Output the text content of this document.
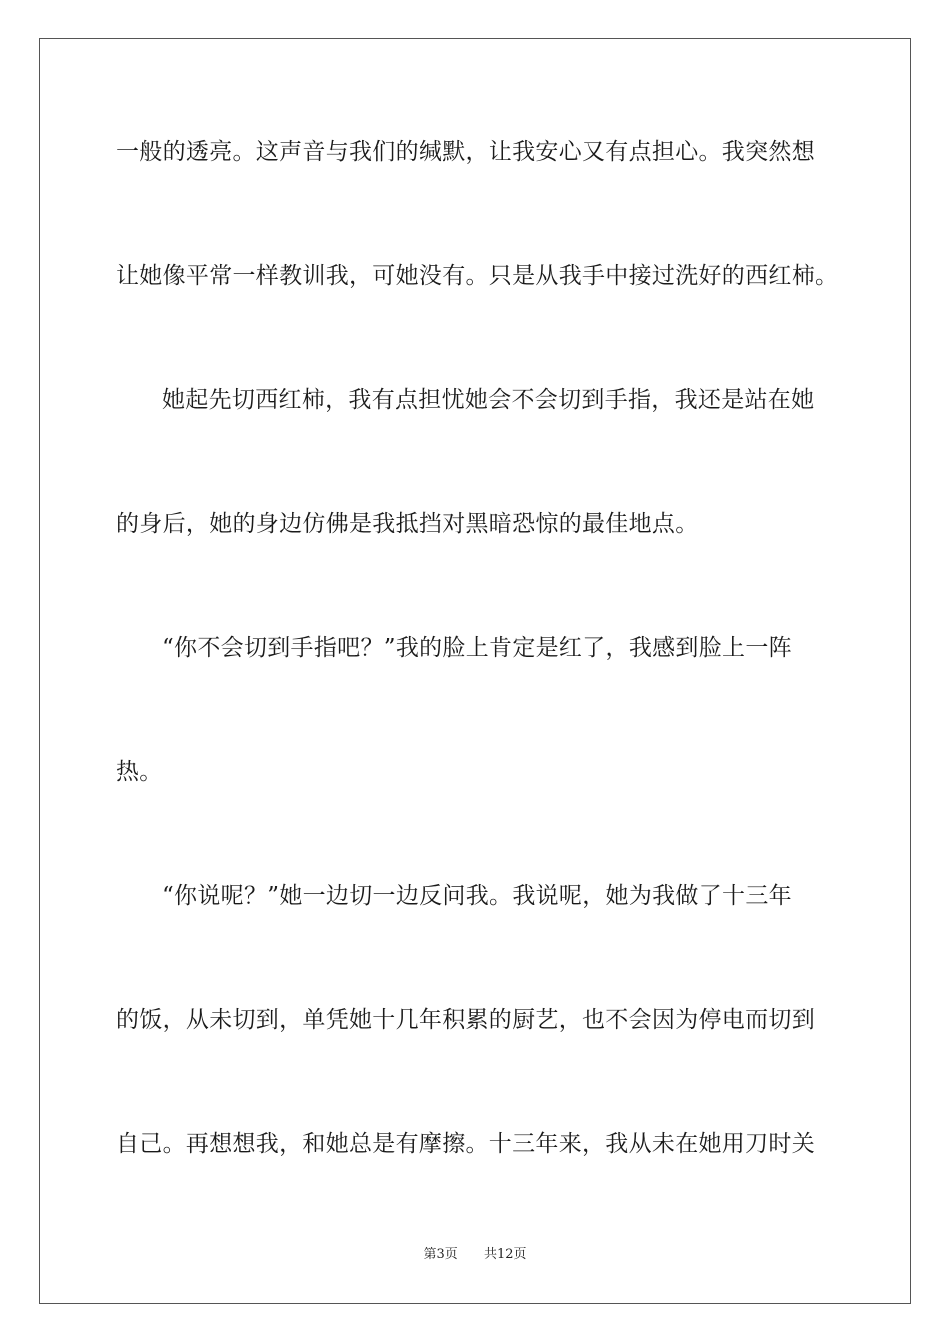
一般的透亮。这声音与我们的缄默，让我安心又有点担心。我突然想
让她像平常一样教训我，可她没有。只是从我手中接过洗好的西红柿。
她起先切西红柿，我有点担忧她会不会切到手指，我还是站在她
的身后，她的身边仿佛是我抵挡对黑暗恐惊的最佳地点。
“你不会切到手指吧？”我的脸上肯定是红了，我感到脸上一阵
热。
“你说呢？”她一边切一边反问我。我说呢，她为我做了十三年
的饭，从未切到，单凭她十几年积累的厨艺，也不会因为停电而切到
自己。再想想我，和她总是有摩擦。十三年来，我从未在她用刀时关
第3页 共12页
